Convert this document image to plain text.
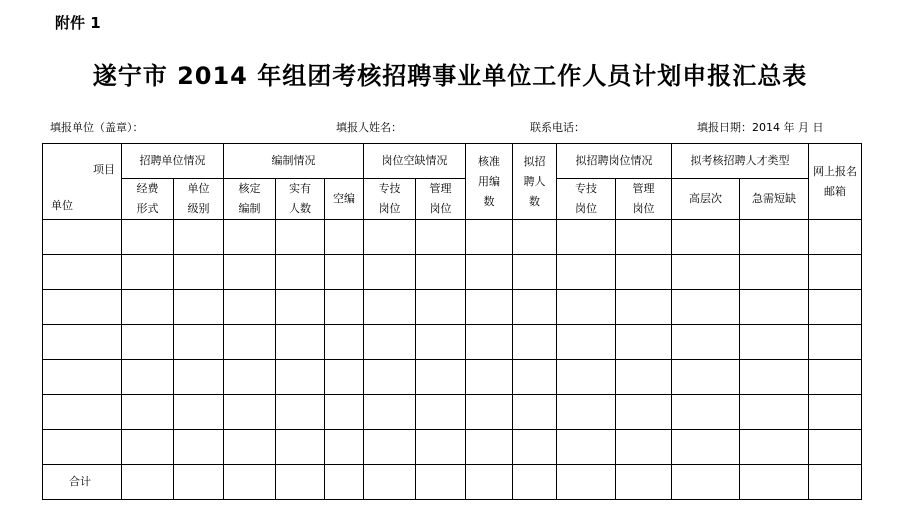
附件 1
遂宁市 2014 年组团考核招聘事业单位工作人员计划申报汇总表
填报单位（盖章）：	填报人姓名：	联系电话：	填报日期：2014 年 月 日
项目
单位	招聘单位情况		编制情况			岗位空缺情况		核准用编数	拟招聘人数	拟招聘岗位情况		拟考核招聘人才类型		网上报名邮箱

	经费形式	单位级别	核定编制	实有人数	空编	专技岗位	管理岗位			专技岗位	管理岗位	高层次	急需短缺	

合计														
